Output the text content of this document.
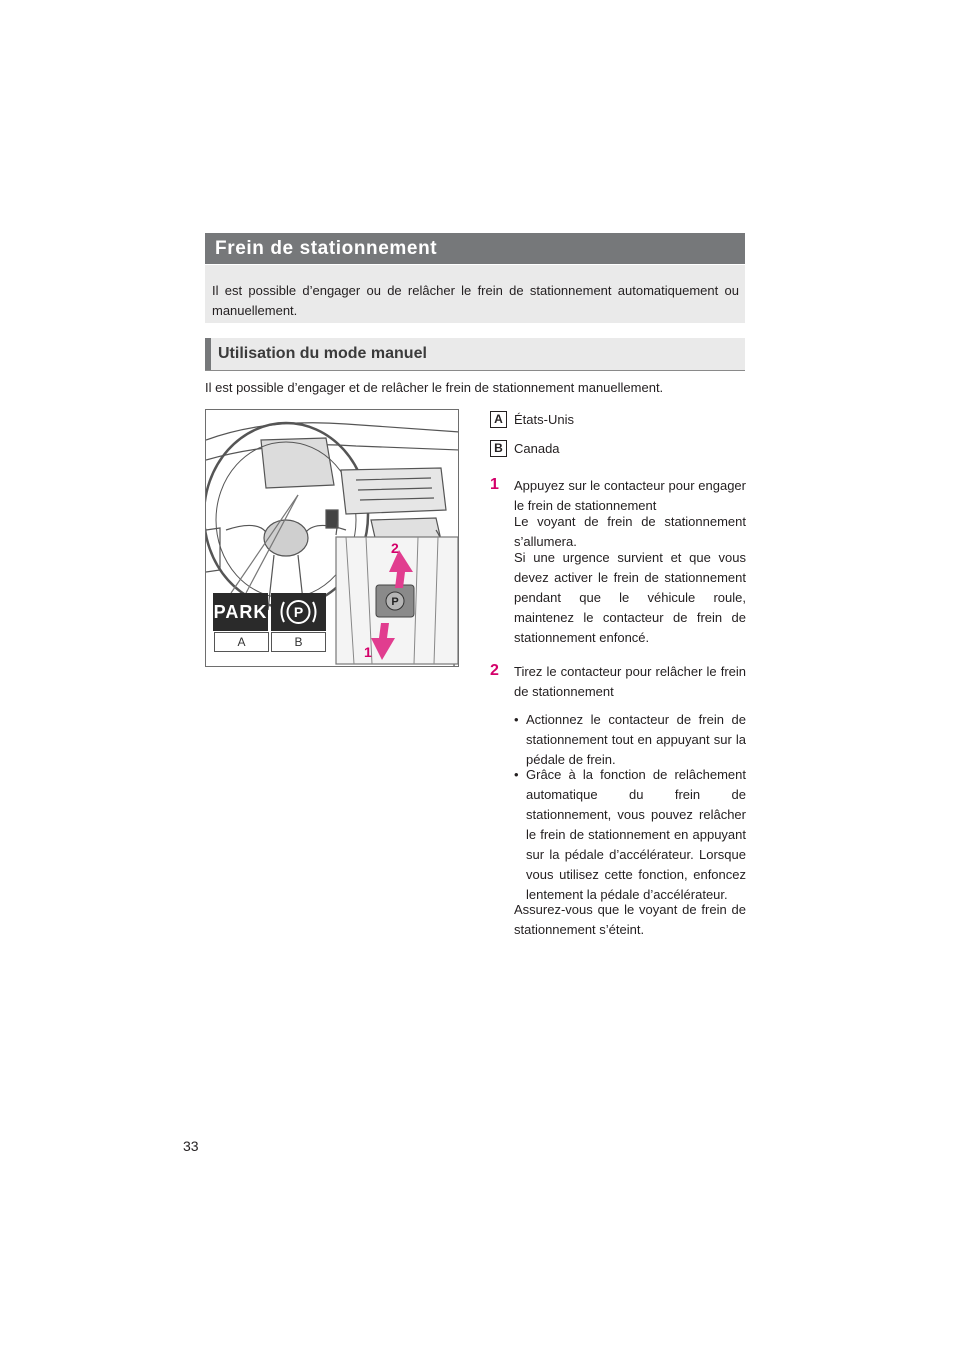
33
Frein de stationnement
Il est possible d’engager ou de relâcher le frein de stationnement automatiquement ou manuellement.
Utilisation du mode manuel
Il est possible d’engager et de relâcher le frein de stationnement manuellement.
P
PARK P
A	B
2
1
A États-Unis
B Canada
1 Appuyez sur le contacteur pour engager le frein de stationnement
Le voyant de frein de stationnement s’allumera.
Si une urgence survient et que vous devez activer le frein de stationnement pendant que le véhicule roule, maintenez le contacteur de frein de stationnement enfoncé.
2 Tirez le contacteur pour relâcher le frein de stationnement
• Actionnez le contacteur de frein de stationnement tout en appuyant sur la pédale de frein.
• Grâce à la fonction de relâchement automatique du frein de stationnement, vous pouvez relâcher le frein de stationnement en appuyant sur la pédale d’accélérateur. Lorsque vous utilisez cette fonction, enfoncez lentement la pédale d’accélérateur.
Assurez-vous que le voyant de frein de stationnement s’éteint.
